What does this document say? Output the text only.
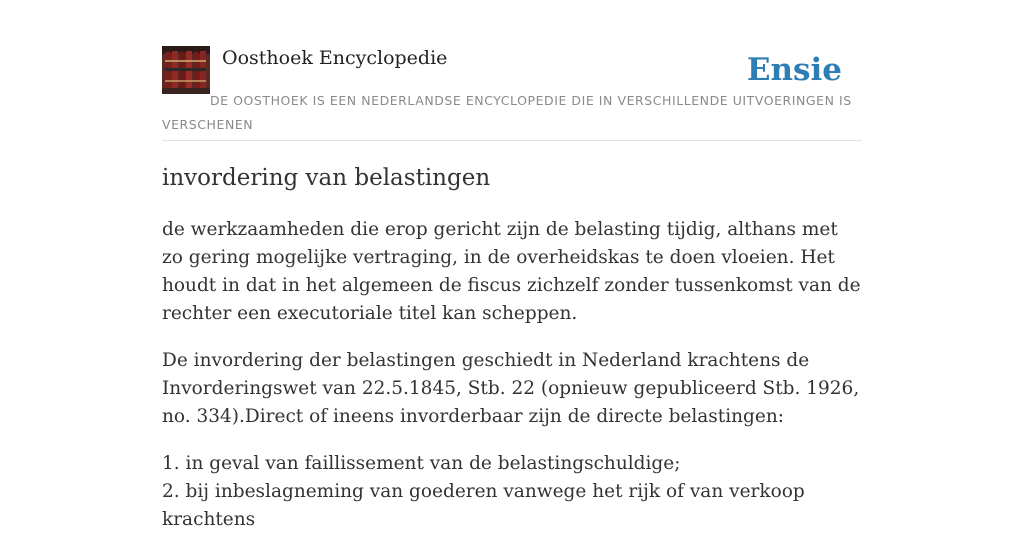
Oosthoek Encyclopedie	Ensie
DE OOSTHOEK IS EEN NEDERLANDSE ENCYCLOPEDIE DIE IN VERSCHILLENDE UITVOERINGEN IS VERSCHENEN
invordering van belastingen

de werkzaamheden die erop gericht zijn de belasting tijdig, althans met zo gering mogelijke vertraging, in de overheidskas te doen vloeien. Het houdt in dat in het algemeen de fiscus zichzelf zonder tussenkomst van de rechter een executoriale titel kan scheppen.

De invordering der belastingen geschiedt in Nederland krachtens de Invorderingswet van 22.5.1845, Stb. 22 (opnieuw gepubliceerd Stb. 1926, no. 334).Direct of ineens invorderbaar zijn de directe belastingen:

1. in geval van faillissement van de belastingschuldige;
2. bij inbeslagneming van goederen vanwege het rijk of van verkoop krachtens
